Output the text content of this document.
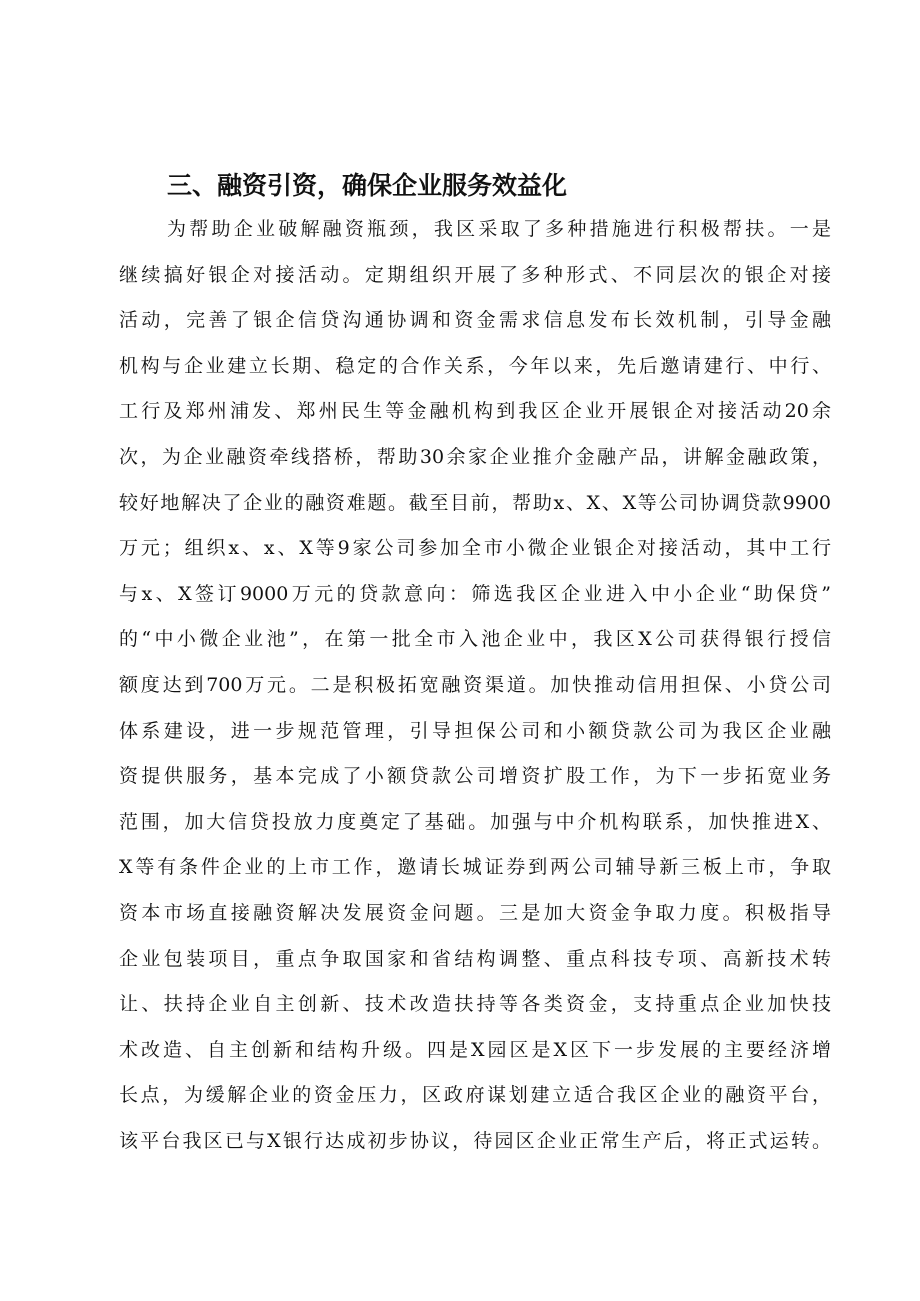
三、融资引资，确保企业服务效益化
为帮助企业破解融资瓶颈，我区采取了多种措施进行积极帮扶。一是
继续搞好银企对接活动。定期组织开展了多种形式、不同层次的银企对接
活动，完善了银企信贷沟通协调和资金需求信息发布长效机制，引导金融
机构与企业建立长期、稳定的合作关系，今年以来，先后邀请建行、中行、
工行及郑州浦发、郑州民生等金融机构到我区企业开展银企对接活动20余
次，为企业融资牵线搭桥，帮助30余家企业推介金融产品，讲解金融政策，
较好地解决了企业的融资难题。截至目前，帮助x、X、X等公司协调贷款9900
万元；组织x、x、X等9家公司参加全市小微企业银企对接活动，其中工行
与x、X签订9000万元的贷款意向：筛选我区企业进入中小企业“助保贷”
的“中小微企业池”，在第一批全市入池企业中，我区X公司获得银行授信
额度达到700万元。二是积极拓宽融资渠道。加快推动信用担保、小贷公司
体系建设，进一步规范管理，引导担保公司和小额贷款公司为我区企业融
资提供服务，基本完成了小额贷款公司增资扩股工作，为下一步拓宽业务
范围，加大信贷投放力度奠定了基础。加强与中介机构联系，加快推进X、
X等有条件企业的上市工作，邀请长城证券到两公司辅导新三板上市，争取
资本市场直接融资解决发展资金问题。三是加大资金争取力度。积极指导
企业包装项目，重点争取国家和省结构调整、重点科技专项、高新技术转
让、扶持企业自主创新、技术改造扶持等各类资金，支持重点企业加快技
术改造、自主创新和结构升级。四是X园区是X区下一步发展的主要经济增
长点，为缓解企业的资金压力，区政府谋划建立适合我区企业的融资平台，
该平台我区已与X银行达成初步协议，待园区企业正常生产后，将正式运转。
